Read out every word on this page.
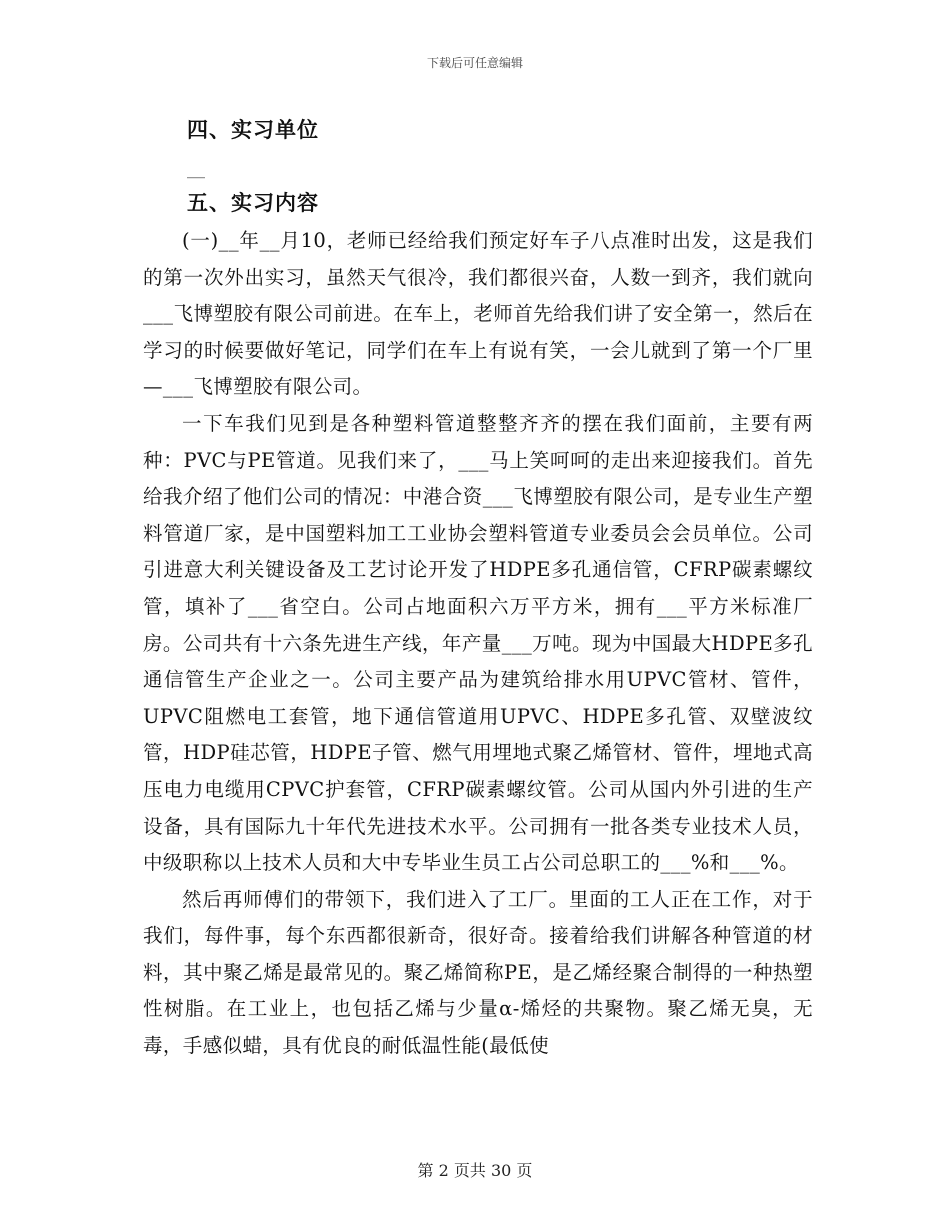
下载后可任意编辑
四、实习单位
__
五、实习内容

(一)__年__月10，老师已经给我们预定好车子八点准时出发，这是我们的第一次外出实习，虽然天气很冷，我们都很兴奋，人数一到齐，我们就向___飞博塑胶有限公司前进。在车上，老师首先给我们讲了安全第一，然后在学习的时候要做好笔记，同学们在车上有说有笑，一会儿就到了第一个厂里—___飞博塑胶有限公司。

一下车我们见到是各种塑料管道整整齐齐的摆在我们面前，主要有两种：PVC与PE管道。见我们来了，___马上笑呵呵的走出来迎接我们。首先给我介绍了他们公司的情况：中港合资___飞博塑胶有限公司，是专业生产塑料管道厂家，是中国塑料加工工业协会塑料管道专业委员会会员单位。公司引进意大利关键设备及工艺讨论开发了HDPE多孔通信管，CFRP碳素螺纹管，填补了___省空白。公司占地面积六万平方米，拥有___平方米标准厂房。公司共有十六条先进生产线，年产量___万吨。现为中国最大HDPE多孔通信管生产企业之一。公司主要产品为建筑给排水用UPVC管材、管件，UPVC阻燃电工套管，地下通信管道用UPVC、HDPE多孔管、双壁波纹管，HDP硅芯管，HDPE子管、燃气用埋地式聚乙烯管材、管件，埋地式高压电力电缆用CPVC护套管，CFRP碳素螺纹管。公司从国内外引进的生产设备，具有国际九十年代先进技术水平。公司拥有一批各类专业技术人员，中级职称以上技术人员和大中专毕业生员工占公司总职工的___%和___%。

然后再师傅们的带领下，我们进入了工厂。里面的工人正在工作，对于我们，每件事，每个东西都很新奇，很好奇。接着给我们讲解各种管道的材料，其中聚乙烯是最常见的。聚乙烯简称PE，是乙烯经聚合制得的一种热塑性树脂。在工业上，也包括乙烯与少量α-烯烃的共聚物。聚乙烯无臭，无毒，手感似蜡，具有优良的耐低温性能(最低使

第 2 页共 30 页
